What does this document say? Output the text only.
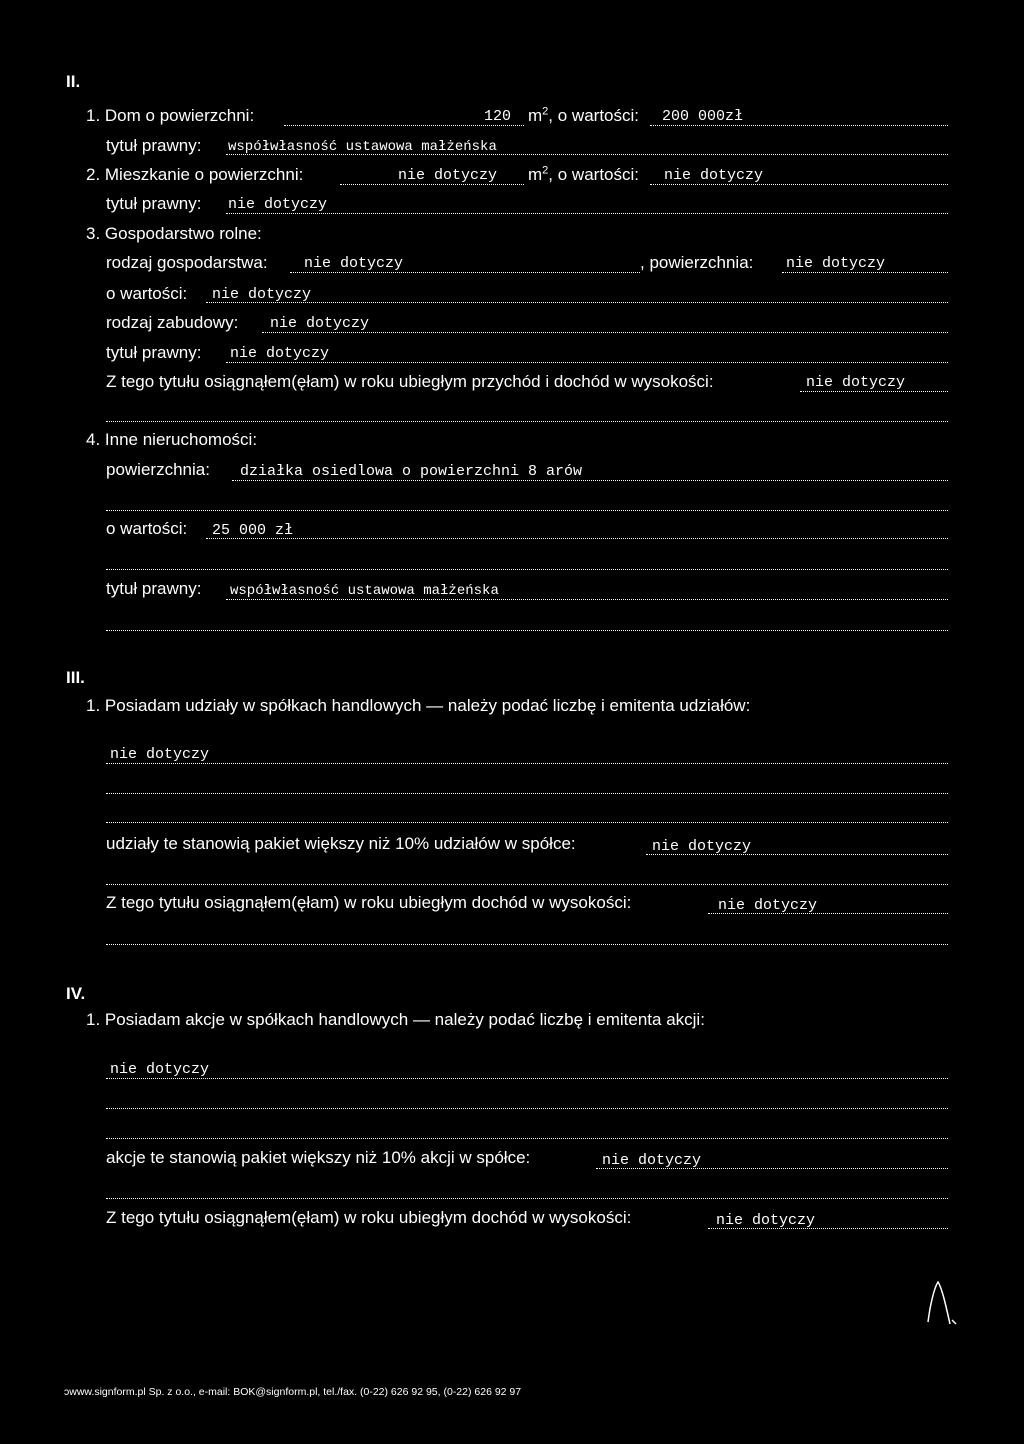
II.
1. Dom o powierzchni:	120 $m^2$, o wartości: 200 000zł
tytuł prawny: współwłasność ustawowa małżeńska
2. Mieszkanie o powierzchni:	nie dotyczy $m^2$, o wartości: nie dotyczy
tytuł prawny: nie dotyczy
3. Gospodarstwo rolne:
rodzaj gospodarstwa: nie dotyczy	, powierzchnia: nie dotyczy
o wartości: nie dotyczy
rodzaj zabudowy: nie dotyczy
tytuł prawny: nie dotyczy
Z tego tytułu osiągnąłem(ęłam) w roku ubiegłym przychód i dochód w wysokości:	nie dotyczy
4. Inne nieruchomości:
powierzchnia: działka osiedlowa o powierzchni 8 arów
o wartości: 25 000 zł
tytuł prawny: współwłasność ustawowa małżeńska
III.
1. Posiadam udziały w spółkach handlowych — należy podać liczbę i emitenta udziałów:
nie dotyczy
udziały te stanowią pakiet większy niż 10% udziałów w spółce:	nie dotyczy
Z tego tytułu osiągnąłem(ęłam) w roku ubiegłym dochód w wysokości:	nie dotyczy
IV.
1. Posiadam akcje w spółkach handlowych — należy podać liczbę i emitenta akcji:
nie dotyczy
akcje te stanowią pakiet większy niż 10% akcji w spółce:	nie dotyczy
Z tego tytułu osiągnąłem(ęłam) w roku ubiegłym dochód w wysokości:	nie dotyczy
ↄwww.signform.pl Sp. z o.o., e-mail: BOK@signform.pl, tel./fax. (0-22) 626 92 95, (0-22) 626 92 97
